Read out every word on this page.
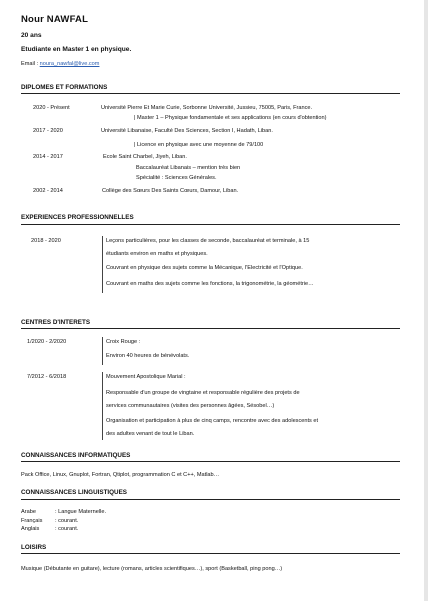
Nour NAWFAL
20 ans
Etudiante en Master 1 en physique.
Email : noura_nawfal@live.com
DIPLOMES ET FORMATIONS
2020 - Présent	Université Pierre Et Marie Curie, Sorbonne Université, Jussieu, 75005, Paris, France.
| Master 1 – Physique fondamentale et ses applications (en cours d'obtention)
2017 - 2020	Université Libanaise, Faculté Des Sciences, Section I, Hadath, Liban.
| Licence en physique avec une moyenne de 79/100
2014 - 2017	Ecole Saint Charbel, Jiyeh, Liban.
Baccalauréat Libanais – mention très bien
Spécialité : Sciences Générales.
2002 - 2014	Collège des Sœurs Des Saints Cœurs, Damour, Liban.
EXPERIENCES PROFESSIONNELLES
2018 - 2020	Leçons particulières, pour les classes de seconde, baccalauréat et terminale, à 15
étudiants environ en maths et physiques.
Couvrant en physique des sujets comme la Mécanique, l'Electricité et l'Optique.
Couvrant en maths des sujets comme les fonctions, la trigonométrie, la géométrie…
CENTRES D'INTERETS
1/2020 - 2/2020	Croix Rouge :
Environ 40 heures de bénévolats.
7/2012 - 6/2018	Mouvement Apostolique Marial :
Responsable d'un groupe de vingtaine et responsable régulière des projets de
services communautaires (visites des personnes âgées, Sésobel…)
Organisation et participation à plus de cinq camps, rencontre avec des adolescents et
des adultes venant de tout le Liban.
CONNAISSANCES INFORMATIQUES
Pack Office, Linux, Gnuplot, Fortran, Qtiplot, programmation C et C++, Matlab…
CONNAISSANCES LINGUISTIQUES
Arabe	: Langue Maternelle.
Français : courant.
Anglais	: courant.
LOISIRS
Musique (Débutante en guitare), lecture (romans, articles scientifiques…), sport (Basketball, ping pong…)
